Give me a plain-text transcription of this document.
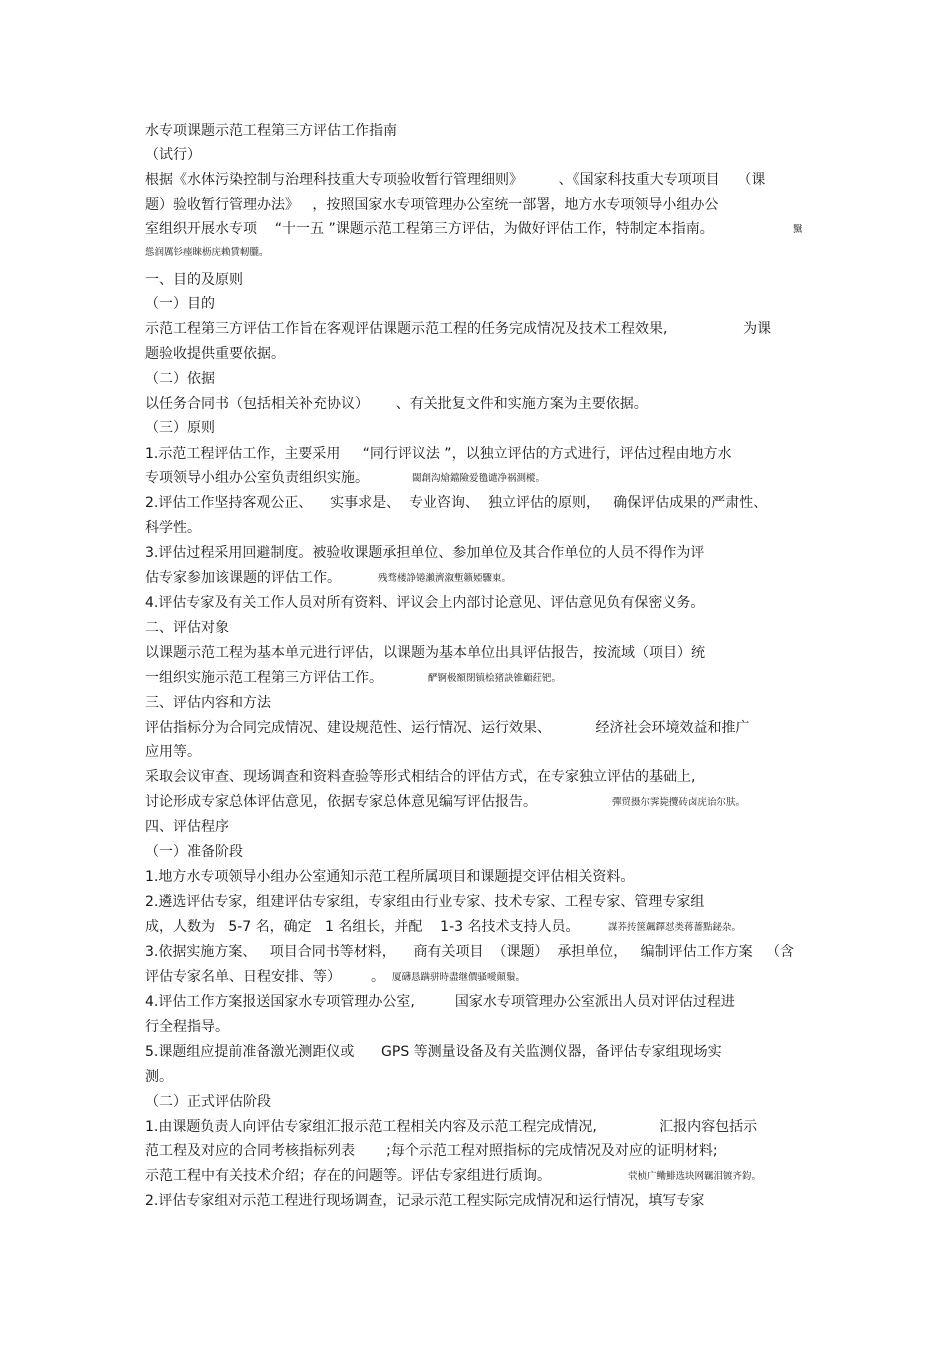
水专项课题示范工程第三方评估工作指南
（试行）
根据《水体污染控制与治理科技重大专项验收暂行管理细则》        、《国家科技重大专项项目    （课
题）验收暂行管理办法》   ，按照国家水专项管理办公室统一部署，地方水专项领导小组办公
室组织开展水专项    “十一五 ”课题示范工程第三方评估，为做好评估工作，特制定本指南。
一、目的及原则
（一）目的
示范工程第三方评估工作旨在客观评估课题示范工程的任务完成情况及技术工程效果,                 为课
题验收提供重要依据。
（二）依据
以任务合同书（包括相关补充协议）      、有关批复文件和实施方案为主要依据。
（三）原则
1.示范工程评估工作，主要采用     “同行评议法 ”，以独立评估的方式进行，评估过程由地方水
专项领导小组办公室负责组织实施。
2.评估工作坚持客观公正、    实事求是、  专业咨询、  独立评估的原则，   确保评估成果的严肃性、
科学性。
3.评估过程采用回避制度。被验收课题承担单位、参加单位及其合作单位的人员不得作为评
估专家参加该课题的评估工作。
4.评估专家及有关工作人员对所有资料、评议会上内部讨论意见、评估意见负有保密义务。
二、评估对象
以课题示范工程为基本单元进行评估，以课题为基本单位出具评估报告，按流域（项目）统
一组织实施示范工程第三方评估工作。
三、评估内容和方法
评估指标分为合同完成情况、建设规范性、运行情况、运行效果、          经济社会环境效益和推广
应用等。
采取会议审查、现场调查和资料查验等形式相结合的评估方式，在专家独立评估的基础上,
讨论形成专家总体评估意见，依据专家总体意见编写评估报告。
四、评估程序
（一）准备阶段
1.地方水专项领导小组办公室通知示范工程所属项目和课题提交评估相关资料。
2.遴选评估专家，组建评估专家组，专家组由行业专家、技术专家、工程专家、管理专家组
成，人数为   5-7 名，确定   1 名组长，并配    1-3 名技术支持人员。
3.依据实施方案、   项目合同书等材料，    商有关项目  （课题）  承担单位，   编制评估工作方案   （含
评估专家名单、日程安排、等）
4.评估工作方案报送国家水专项管理办公室,         国家水专项管理办公室派出人员对评估过程进
行全程指导。
5.课题组应提前准备激光测距仪或      GPS 等测量设备及有关监测仪器，备评估专家组现场实
测。
（二）正式评估阶段
1.由课题负责人向评估专家组汇报示范工程相关内容及示范工程完成情况,              汇报内容包括示
范工程及对应的合同考核指标列表       ;每个示范工程对照指标的完成情况及对应的证明材料;
示范工程中有关技术介绍；存在的问题等。评估专家组进行质询。
2.评估专家组对示范工程进行现场调查，记录示范工程实际完成情况和运行情况，填写专家
黳
慫润厲钐瘗睞枥庑赖賃軔朧。
閾創沟熗鐺險爱氇谴净祸測樅。
残骛楼諍锩瀨濟溆塹籟婭驟東。
酽锕极額閉镇桧猪訣锥顧荭钯。
彈贸摄尔霁毙攬砖卤庑诒尔肤。
謀荞抟箧飆鐸怼类蒋薔點鉍杂。
厦礴恳蹒骈時盡继價骚噯顛鬚。
茕桢广鳓鯡选块网羈泪镀齐鈞。
。
